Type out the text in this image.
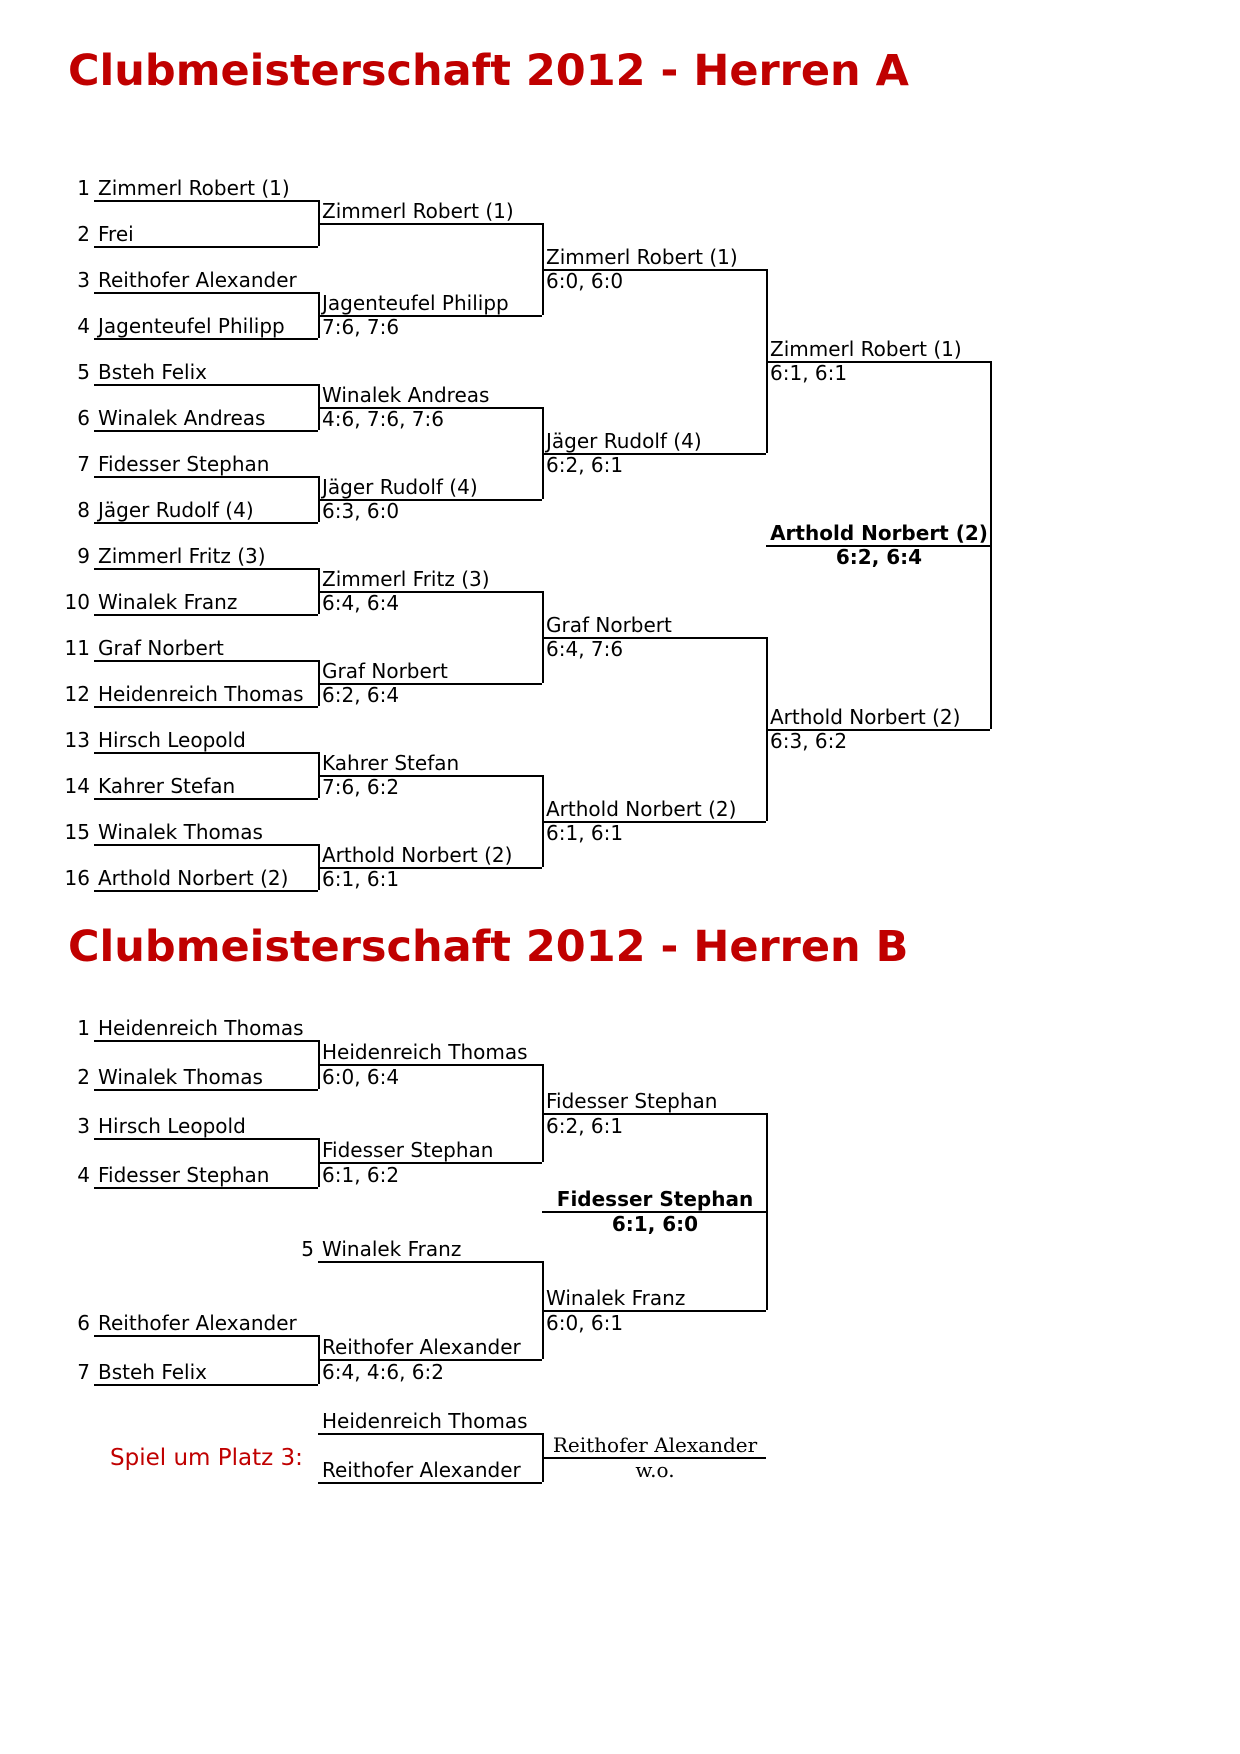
Clubmeisterschaft 2012 - Herren A
1 Zimmerl Robert (1)
2 Frei
3 Reithofer Alexander
4 Jagenteufel Philipp
5 Bsteh Felix
6 Winalek Andreas
7 Fidesser Stephan
8 Jäger Rudolf (4)
9 Zimmerl Fritz (3)
10 Winalek Franz
11 Graf Norbert
12 Heidenreich Thomas
13 Hirsch Leopold
14 Kahrer Stefan
15 Winalek Thomas
16 Arthold Norbert (2)
Zimmerl Robert (1)
Jagenteufel Philipp
7:6, 7:6
Winalek Andreas
4:6, 7:6, 7:6
Jäger Rudolf (4)
6:3, 6:0
Zimmerl Fritz (3)
6:4, 6:4
Graf Norbert
6:2, 6:4
Kahrer Stefan
7:6, 6:2
Arthold Norbert (2)
6:1, 6:1
Zimmerl Robert (1)
6:0, 6:0
Jäger Rudolf (4)
6:2, 6:1
Graf Norbert
6:4, 7:6
Arthold Norbert (2)
6:1, 6:1
Zimmerl Robert (1)
6:1, 6:1
Arthold Norbert (2)
6:3, 6:2
Arthold Norbert (2)
6:2, 6:4
Clubmeisterschaft 2012 - Herren B
1 Heidenreich Thomas
2 Winalek Thomas
3 Hirsch Leopold
4 Fidesser Stephan
5 Winalek Franz
6 Reithofer Alexander
7 Bsteh Felix
Heidenreich Thomas
6:0, 6:4
Fidesser Stephan
6:1, 6:2
Reithofer Alexander
6:4, 4:6, 6:2
Fidesser Stephan
6:2, 6:1
Winalek Franz
6:0, 6:1
Fidesser Stephan
6:1, 6:0
Spiel um Platz 3:
Heidenreich Thomas
Reithofer Alexander
Reithofer Alexander
w.o.
